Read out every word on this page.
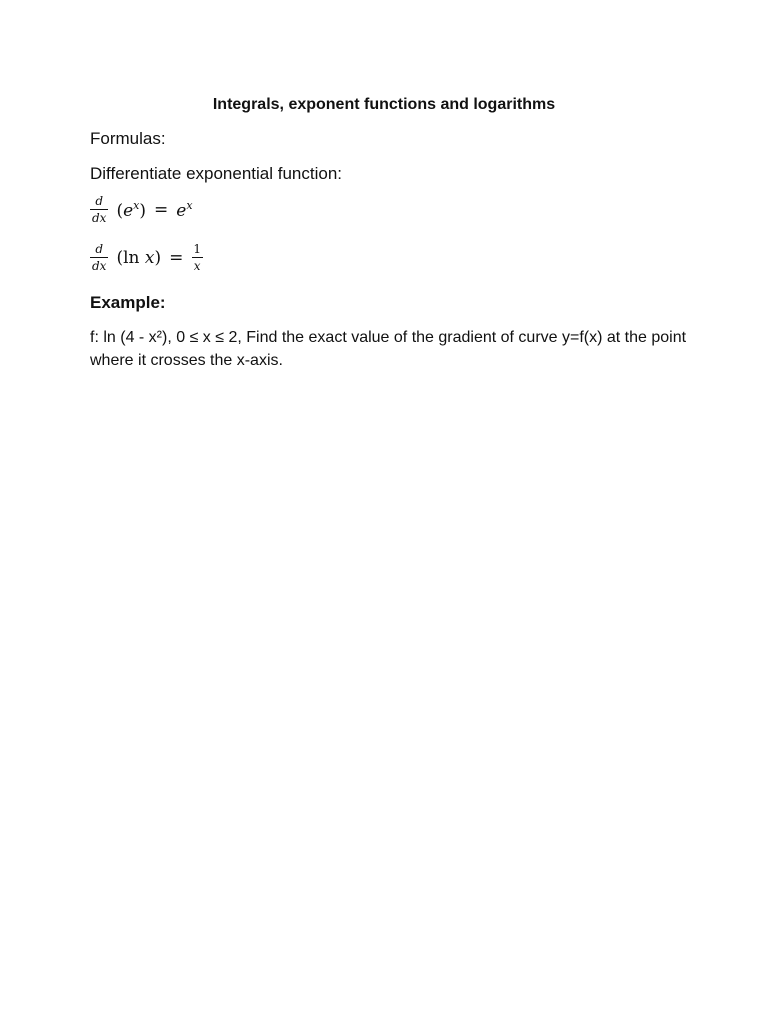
Integrals, exponent functions and logarithms
Formulas:
Differentiate exponential function:
$\frac{d}{dx} (e^x) = e^x$
$\frac{d}{dx} (\ln$ $x) = \frac{1}{x}$
Example:
f: ln (4 - x²), 0 ≤ x ≤ 2, Find the exact value of the gradient of curve y=f(x) at the point where it crosses the x-axis.
